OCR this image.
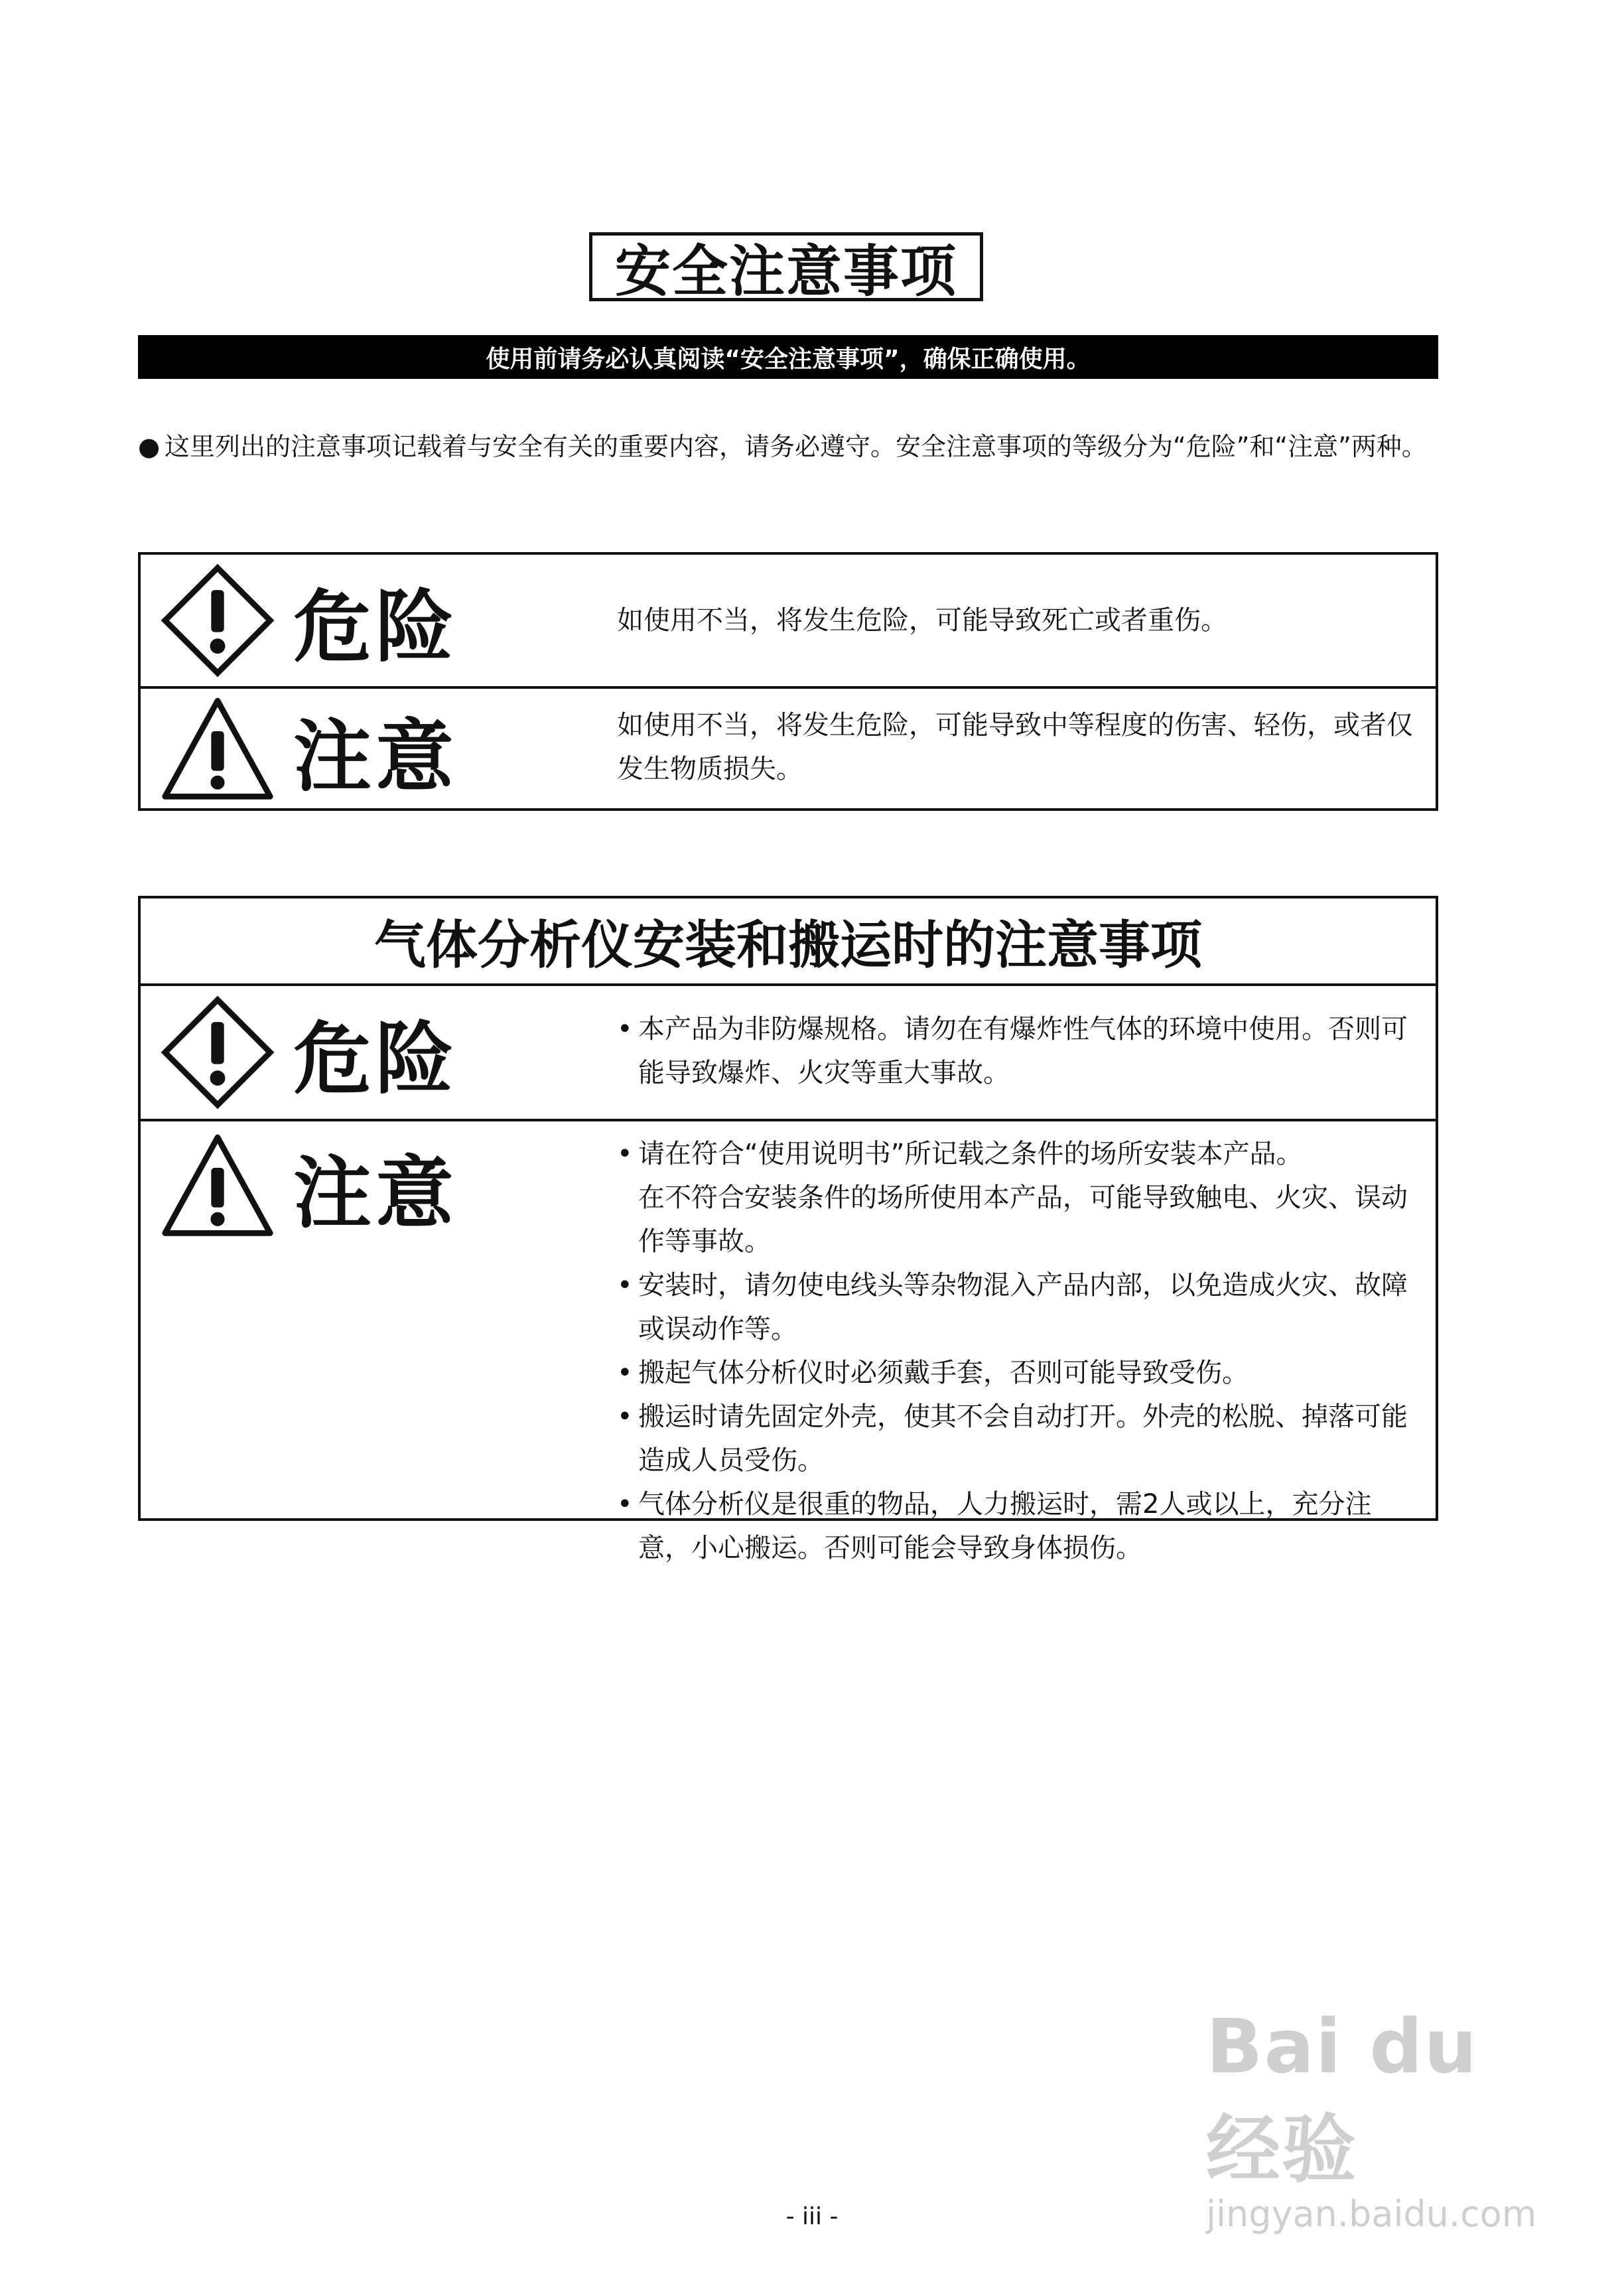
安全注意事项
使用前请务必认真阅读“安全注意事项”，确保正确使用。
● 这里列出的注意事项记载着与安全有关的重要内容，请务必遵守。安全注意事项的等级分为“危险”和“注意”两种。
危险	如使用不当，将发生危险，可能导致死亡或者重伤。
注意	如使用不当，将发生危险，可能导致中等程度的伤害、轻伤，或者仅发生物质损失。
气体分析仪安装和搬运时的注意事项
危险	• 本产品为非防爆规格。请勿在有爆炸性气体的环境中使用。否则可能导致爆炸、火灾等重大事故。
注意	• 请在符合“使用说明书”所记载之条件的场所安装本产品。
在不符合安装条件的场所使用本产品，可能导致触电、火灾、误动作等事故。
• 安装时，请勿使电线头等杂物混入产品内部，以免造成火灾、故障或误动作等。
• 搬起气体分析仪时必须戴手套，否则可能导致受伤。
• 搬运时请先固定外壳，使其不会自动打开。外壳的松脱、掉落可能造成人员受伤。
• 气体分析仪是很重的物品，人力搬运时，需2人或以上，充分注意，小心搬运。否则可能会导致身体损伤。
- iii -
Bai du 经验
jingyan.baidu.com
